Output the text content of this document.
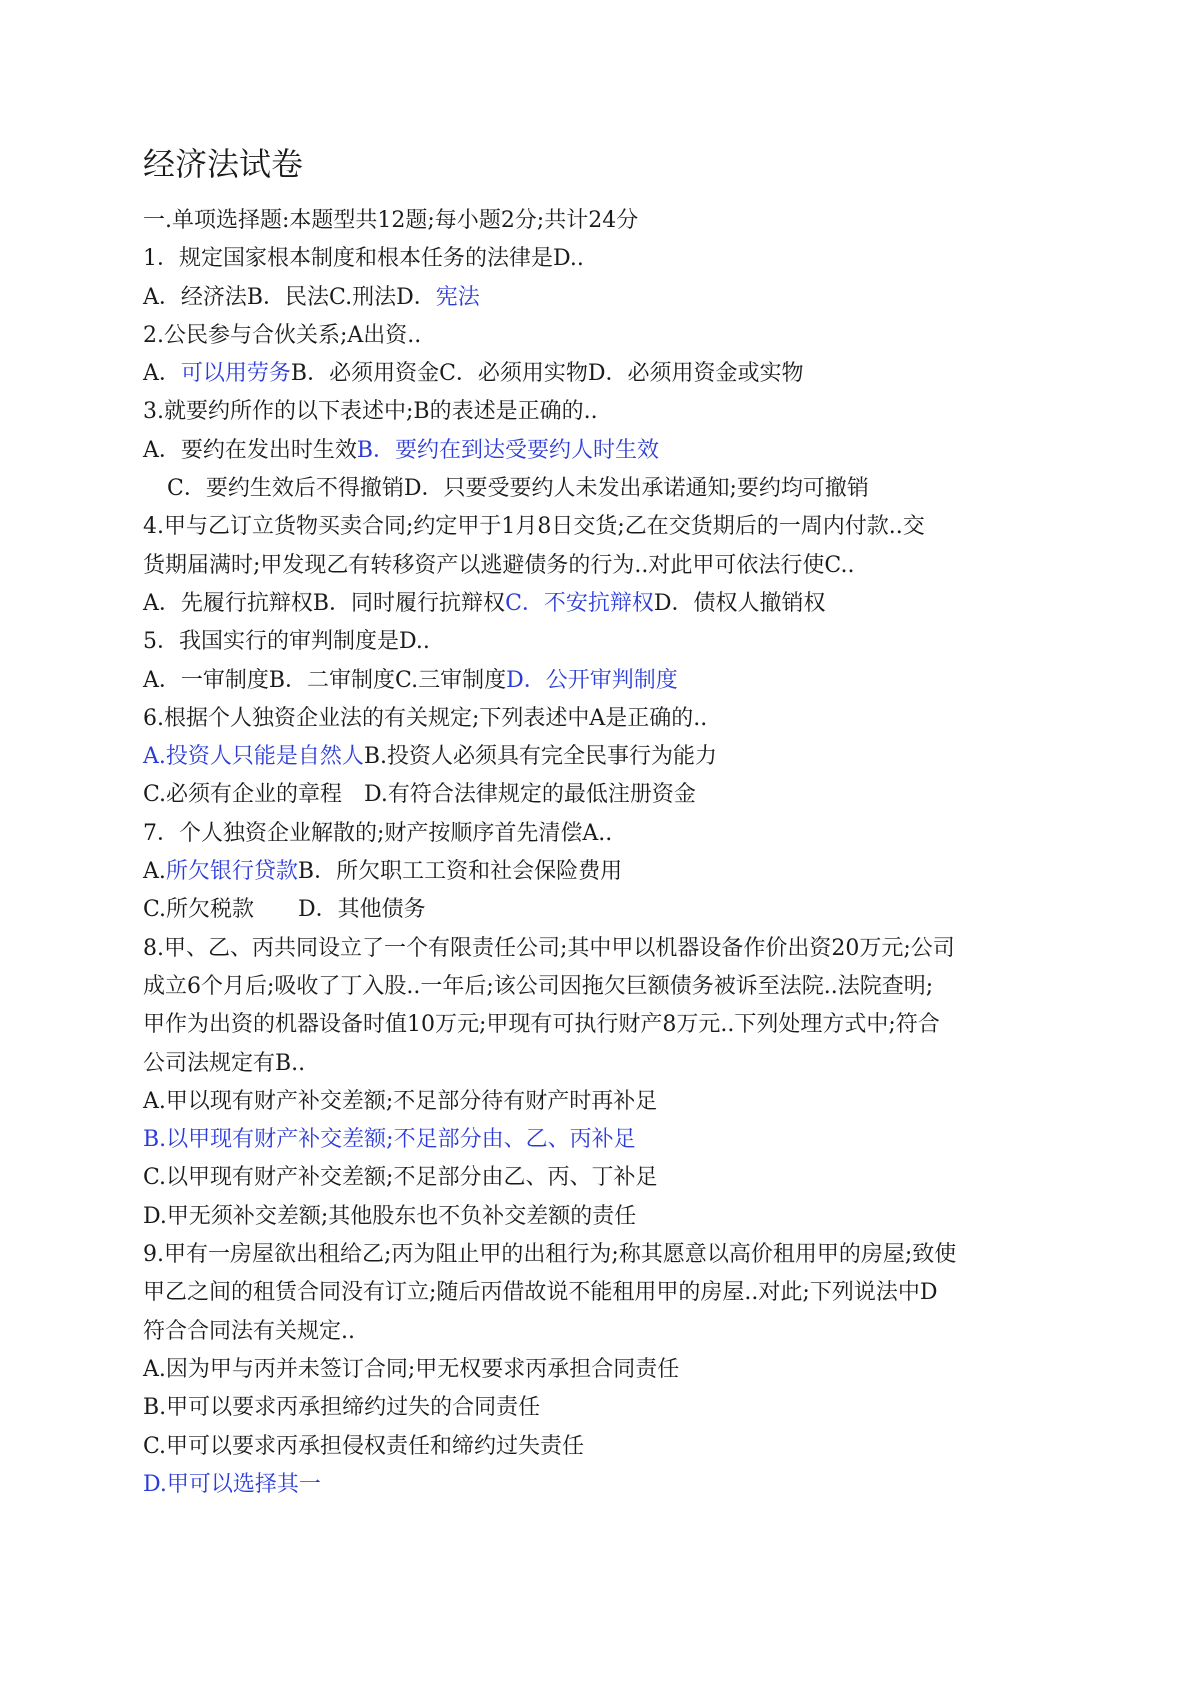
经济法试卷
一.单项选择题:本题型共12题;每小题2分;共计24分
1．规定国家根本制度和根本任务的法律是D..
A．经济法B．民法C.刑法D．宪法
2.公民参与合伙关系;A出资..
A．可以用劳务B．必须用资金C．必须用实物D．必须用资金或实物
3.就要约所作的以下表述中;B的表述是正确的..
A．要约在发出时生效B．要约在到达受要约人时生效
C．要约生效后不得撤销D．只要受要约人未发出承诺通知;要约均可撤销
4.甲与乙订立货物买卖合同;约定甲于1月8日交货;乙在交货期后的一周内付款..交
货期届满时;甲发现乙有转移资产以逃避债务的行为..对此甲可依法行使C..
A．先履行抗辩权B．同时履行抗辩权C．不安抗辩权D．债权人撤销权
5．我国实行的审判制度是D..
A．一审制度B．二审制度C.三审制度D．公开审判制度
6.根据个人独资企业法的有关规定;下列表述中A是正确的..
A.投资人只能是自然人B.投资人必须具有完全民事行为能力
C.必须有企业的章程　D.有符合法律规定的最低注册资金
7．个人独资企业解散的;财产按顺序首先清偿A..
A.所欠银行贷款B．所欠职工工资和社会保险费用
C.所欠税款　　D．其他债务
8.甲、乙、丙共同设立了一个有限责任公司;其中甲以机器设备作价出资20万元;公司
成立6个月后;吸收了丁入股..一年后;该公司因拖欠巨额债务被诉至法院..法院查明;
甲作为出资的机器设备时值10万元;甲现有可执行财产8万元..下列处理方式中;符合
公司法规定有B..
A.甲以现有财产补交差额;不足部分待有财产时再补足
B.以甲现有财产补交差额;不足部分由、乙、丙补足
C.以甲现有财产补交差额;不足部分由乙、丙、丁补足
D.甲无须补交差额;其他股东也不负补交差额的责任
9.甲有一房屋欲出租给乙;丙为阻止甲的出租行为;称其愿意以高价租用甲的房屋;致使
甲乙之间的租赁合同没有订立;随后丙借故说不能租用甲的房屋..对此;下列说法中D
符合合同法有关规定..
A.因为甲与丙并未签订合同;甲无权要求丙承担合同责任
B.甲可以要求丙承担缔约过失的合同责任
C.甲可以要求丙承担侵权责任和缔约过失责任
D.甲可以选择其一
